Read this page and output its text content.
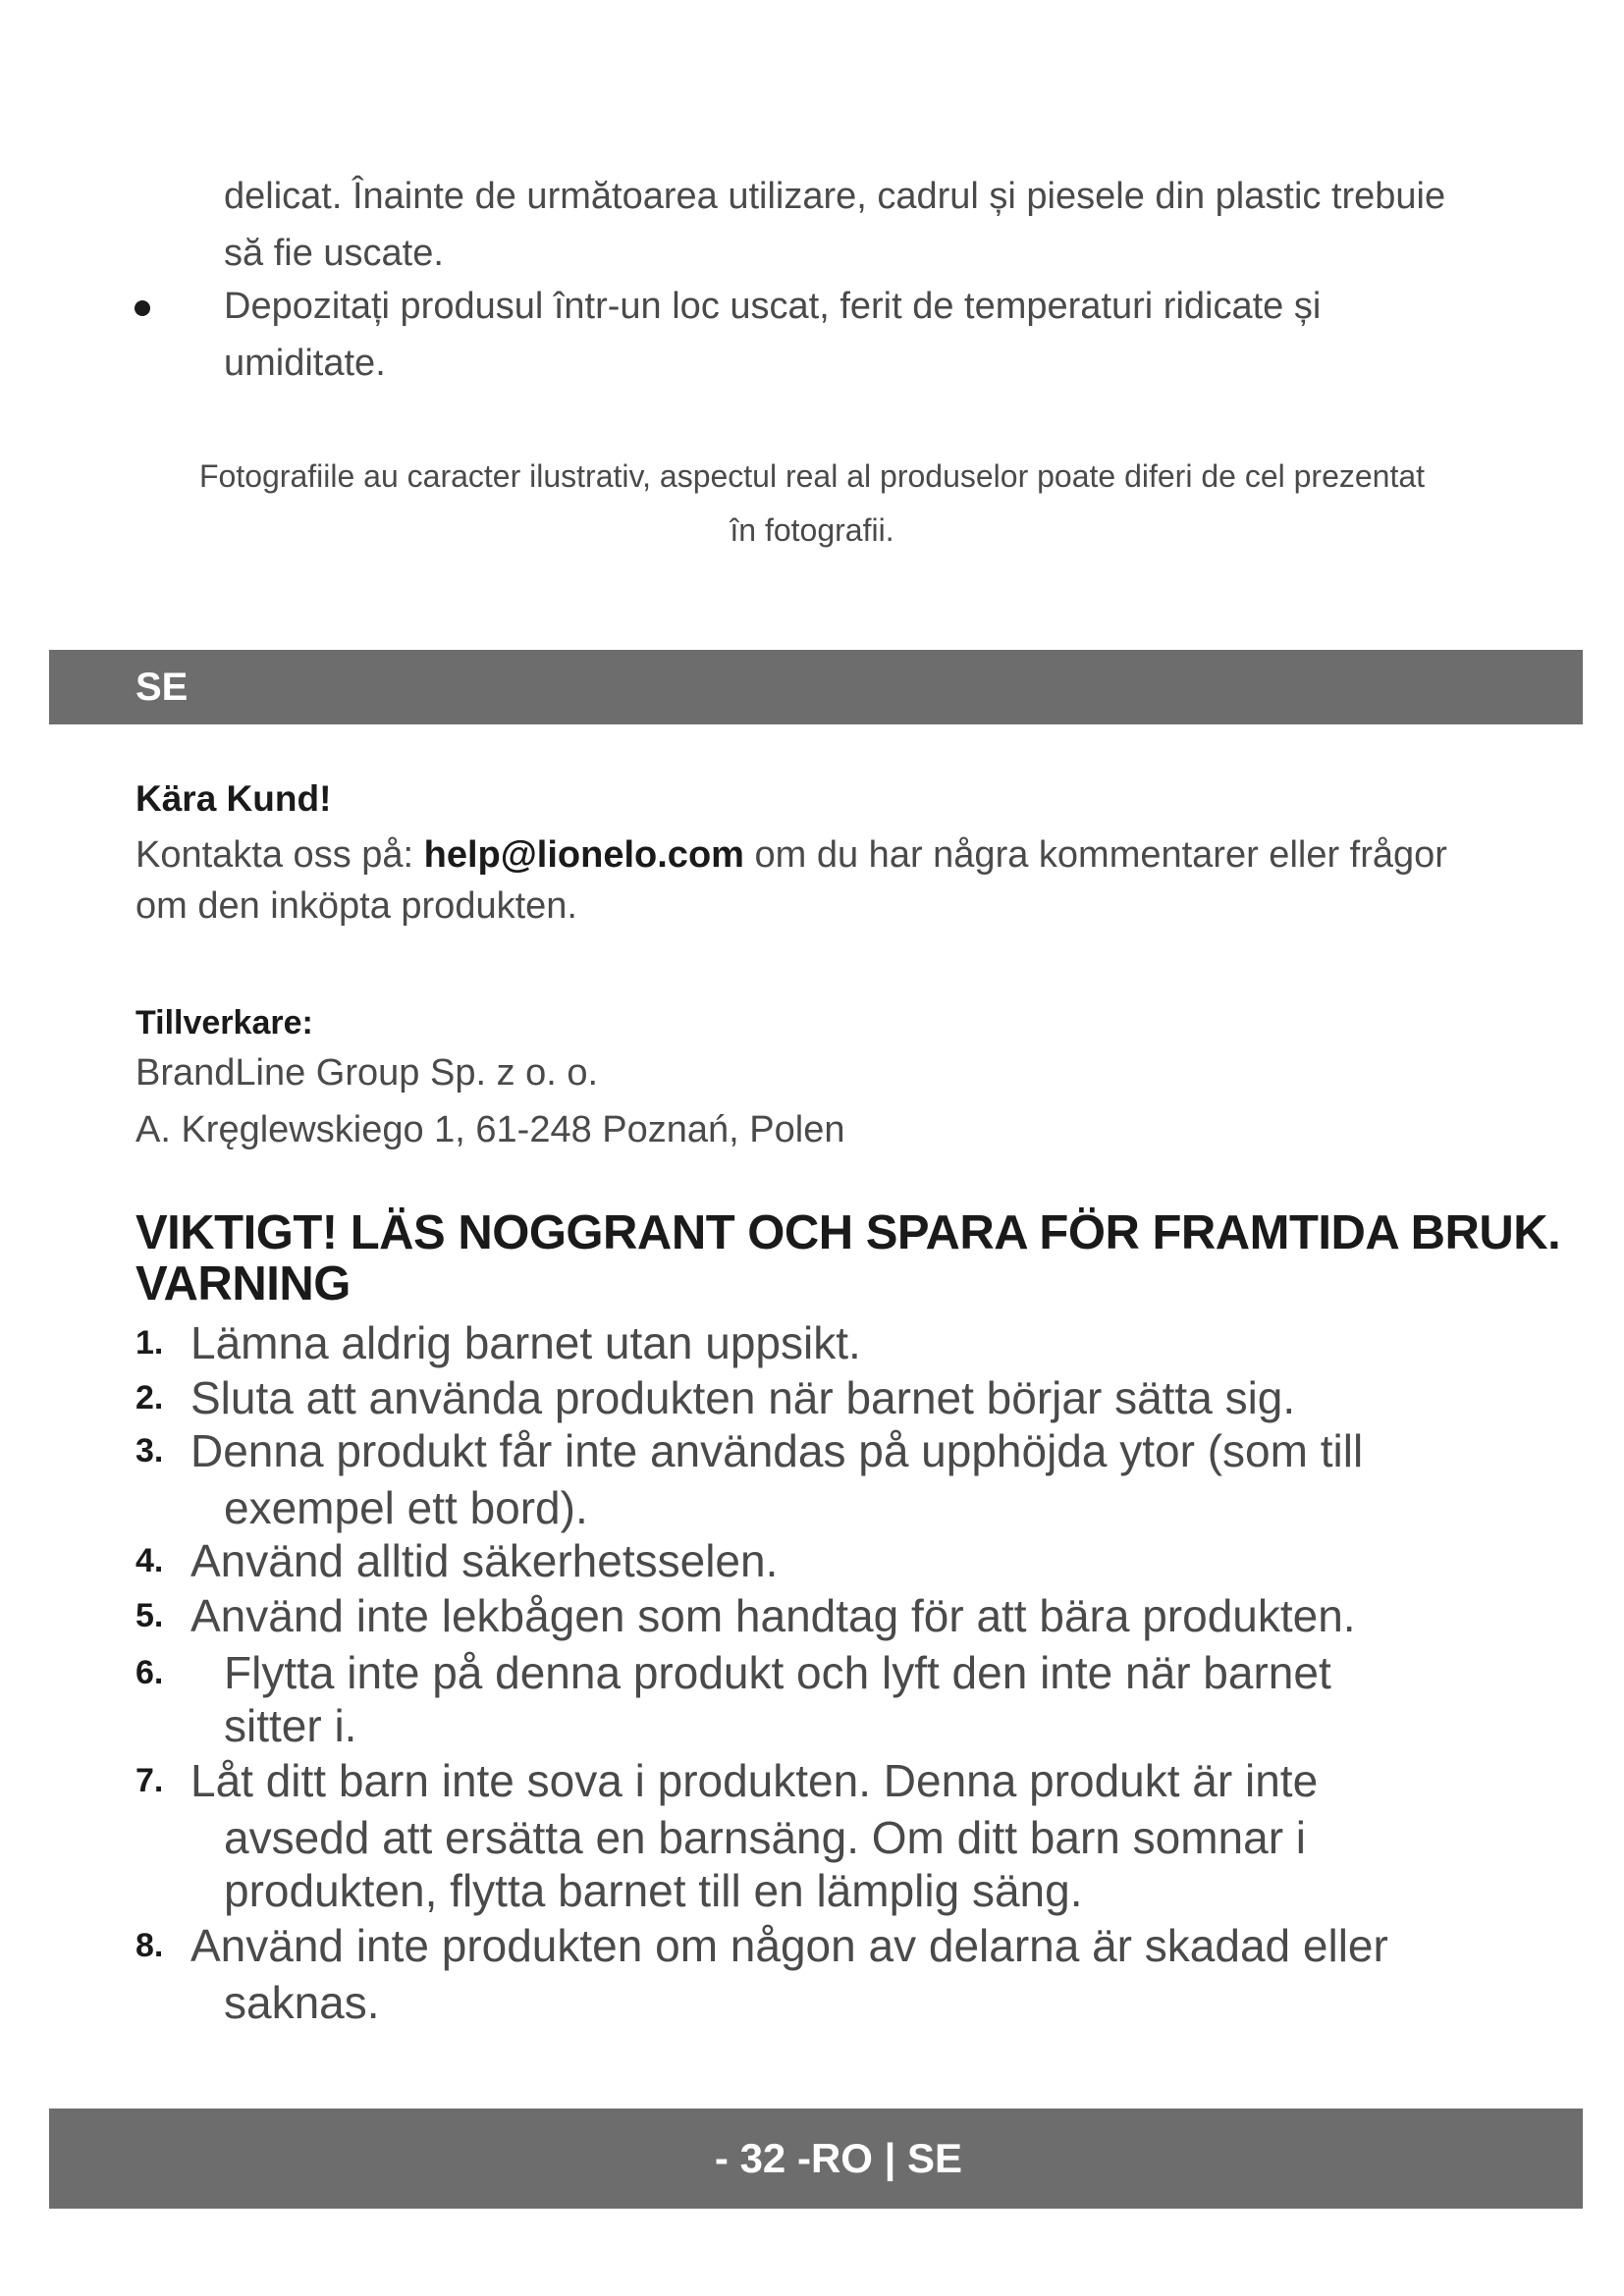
delicat. Înainte de următoarea utilizare, cadrul și piesele din plastic trebuie
să fie uscate.
Depozitați produsul într-un loc uscat, ferit de temperaturi ridicate și
umiditate.
Fotografiile au caracter ilustrativ, aspectul real al produselor poate diferi de cel prezentat
în fotografii.
SE
Kära Kund!
Kontakta oss på: help@lionelo.com om du har några kommentarer eller frågor
om den inköpta produkten.
Tillverkare:
BrandLine Group Sp. z o. o.
A. Kręglewskiego 1, 61-248 Poznań, Polen
VIKTIGT! LÄS NOGGRANT OCH SPARA FÖR FRAMTIDA BRUK.
VARNING
1. Lämna aldrig barnet utan uppsikt.
2. Sluta att använda produkten när barnet börjar sätta sig.
3. Denna produkt får inte användas på upphöjda ytor (som till
exempel ett bord).
4. Använd alltid säkerhetsselen.
5. Använd inte lekbågen som handtag för att bära produkten.
6. Flytta inte på denna produkt och lyft den inte när barnet
sitter i.
7. Låt ditt barn inte sova i produkten. Denna produkt är inte
avsedd att ersätta en barnsäng. Om ditt barn somnar i
produkten, flytta barnet till en lämplig säng.
8. Använd inte produkten om någon av delarna är skadad eller
saknas.
- 32 -RO | SE
